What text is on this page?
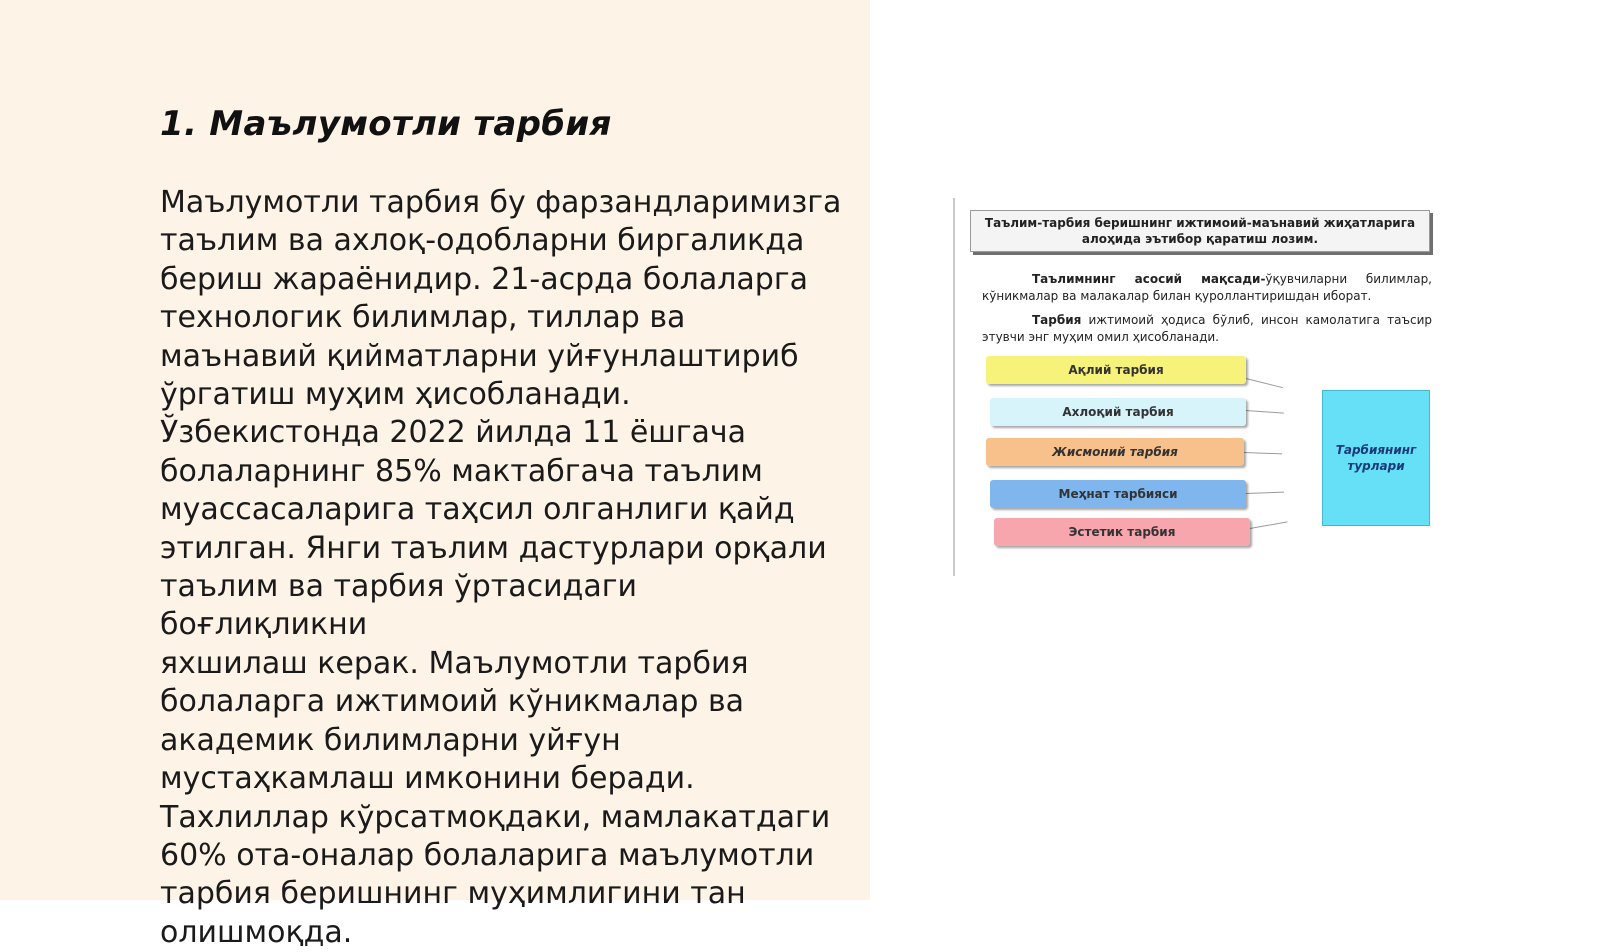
1. Маълумотли тарбия

Маълумотли тарбия бу фарзандларимизга
таълим ва ахлоқ-одобларни биргаликда
бериш жараёнидир. 21-асрда болаларга
технологик билимлар, тиллар ва
маънавий қийматларни уйғунлаштириб
ўргатиш муҳим ҳисобланади.
Ўзбекистонда 2022 йилда 11 ёшгача
болаларнинг 85% мактабгача таълим
муассасаларига таҳсил олганлиги қайд
этилган. Янги таълим дастурлари орқали
таълим ва тарбия ўртасидаги боғлиқликни
яхшилаш керак. Маълумотли тарбия
болаларга ижтимоий кўникмалар ва
академик билимларни уйғун
мустаҳкамлаш имконини беради.
Тахлиллар кўрсатмоқдаки, мамлакатдаги
60% ота-оналар болаларига маълумотли
тарбия беришнинг муҳимлигини тан
олишмоқда.

Таълим-тарбия беришнинг ижтимоий-маънавий жиҳатларига алоҳида эътибор қаратиш лозим.
Таълимнинг асосий мақсади-ўқувчиларни билимлар, кўникмалар ва малакалар билан қуроллантиришдан иборат.
Тарбия ижтимоий ҳодиса бўлиб, инсон камолатига таъсир этувчи энг муҳим омил ҳисобланади.
Ақлий тарбия
Ахлоқий тарбия
Жисмоний тарбия
Меҳнат тарбияси
Эстетик тарбия
Тарбиянинг турлари
